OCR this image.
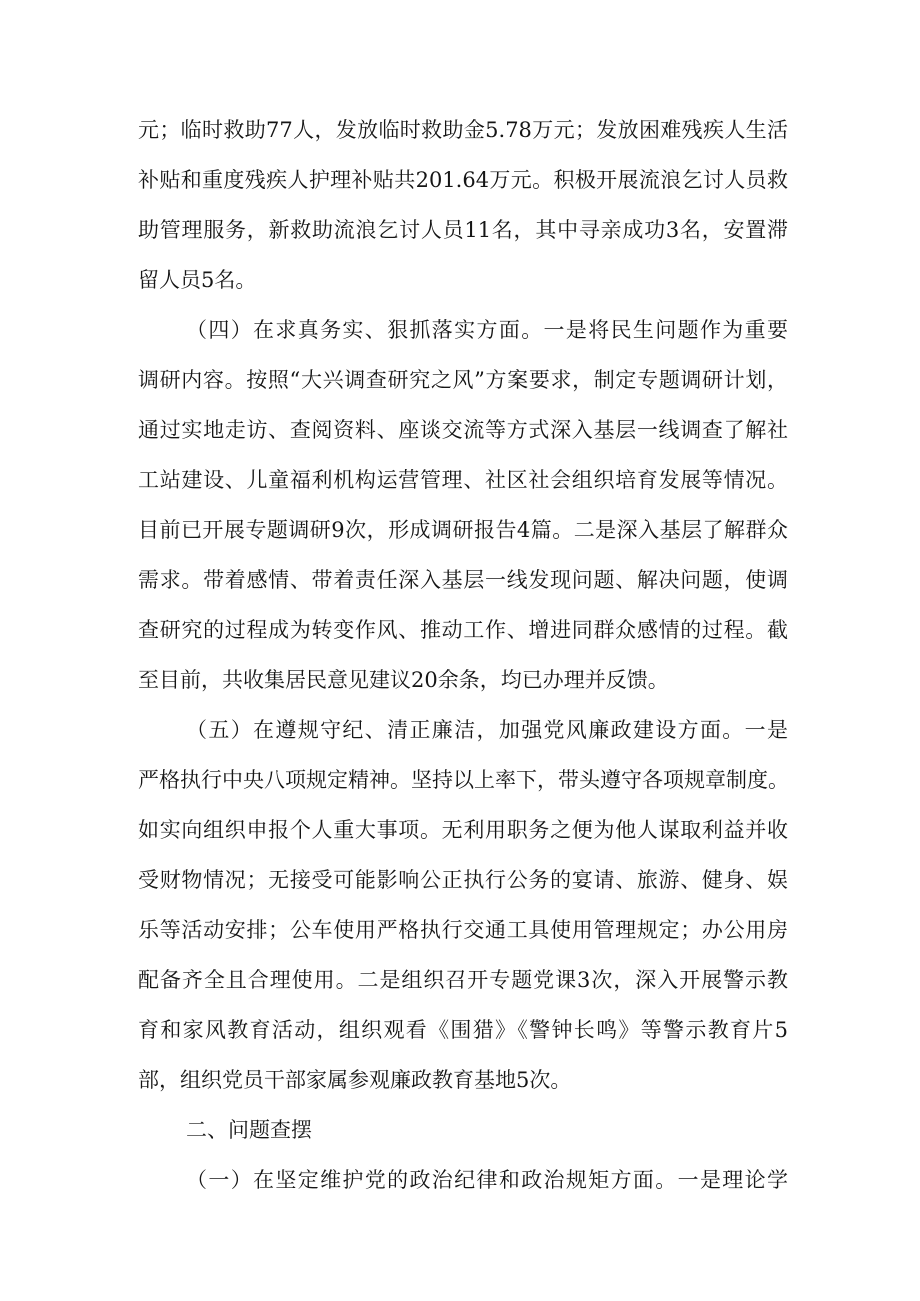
元；临时救助77人，发放临时救助金5.78万元；发放困难残疾人生活
补贴和重度残疾人护理补贴共201.64万元。积极开展流浪乞讨人员救
助管理服务，新救助流浪乞讨人员11名，其中寻亲成功3名，安置滞
留人员5名。
（四）在求真务实、狠抓落实方面。一是将民生问题作为重要
调研内容。按照“大兴调查研究之风”方案要求，制定专题调研计划，
通过实地走访、查阅资料、座谈交流等方式深入基层一线调查了解社
工站建设、儿童福利机构运营管理、社区社会组织培育发展等情况。
目前已开展专题调研9次，形成调研报告4篇。二是深入基层了解群众
需求。带着感情、带着责任深入基层一线发现问题、解决问题，使调
查研究的过程成为转变作风、推动工作、增进同群众感情的过程。截
至目前，共收集居民意见建议20余条，均已办理并反馈。
（五）在遵规守纪、清正廉洁，加强党风廉政建设方面。一是
严格执行中央八项规定精神。坚持以上率下，带头遵守各项规章制度。
如实向组织申报个人重大事项。无利用职务之便为他人谋取利益并收
受财物情况；无接受可能影响公正执行公务的宴请、旅游、健身、娱
乐等活动安排；公车使用严格执行交通工具使用管理规定；办公用房
配备齐全且合理使用。二是组织召开专题党课3次，深入开展警示教
育和家风教育活动，组织观看《围猎》《警钟长鸣》等警示教育片5
部，组织党员干部家属参观廉政教育基地5次。
二、问题查摆
（一）在坚定维护党的政治纪律和政治规矩方面。一是理论学
